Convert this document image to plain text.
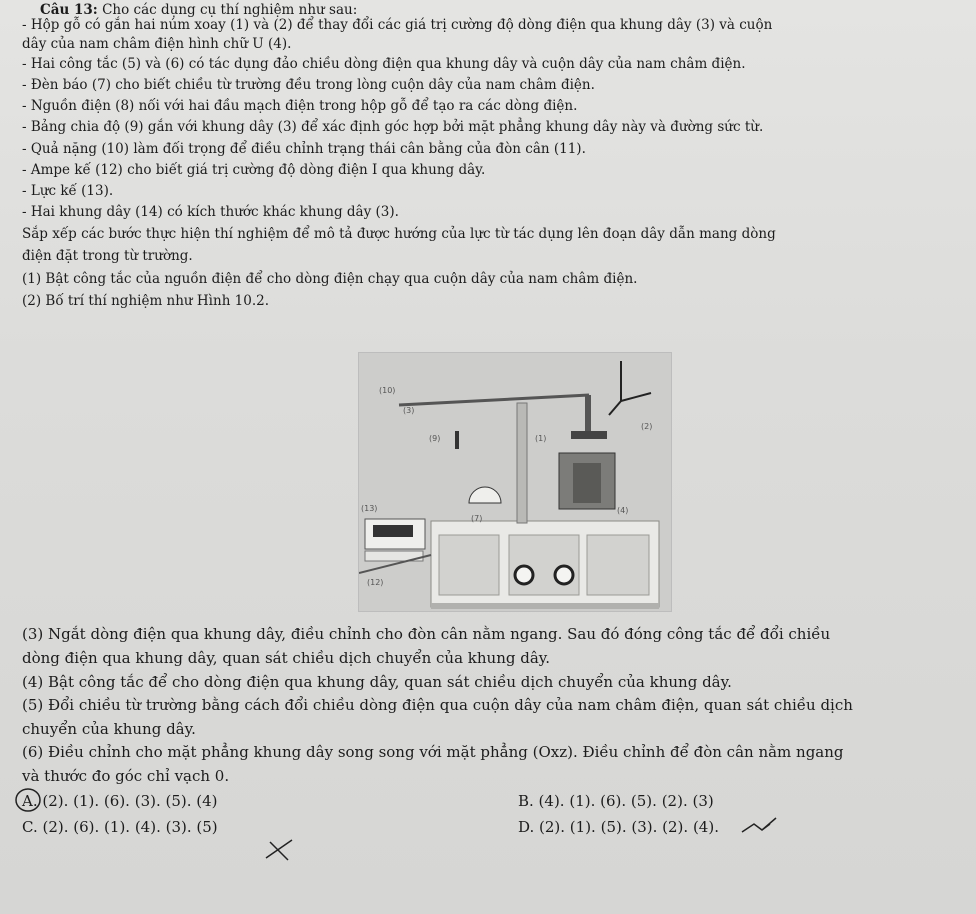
Câu 13: Cho các dụng cụ thí nghiệm như sau:
- Hộp gỗ có gắn hai núm xoay (1) và (2) để thay đổi các giá trị cường độ dòng điện qua khung dây (3) và cuộn
dây của nam châm điện hình chữ U (4).
- Hai công tắc (5) và (6) có tác dụng đảo chiều dòng điện qua khung dây và cuộn dây của nam châm điện.
- Đèn báo (7) cho biết chiều từ trường đều trong lòng cuộn dây của nam châm điện.
- Nguồn điện (8) nối với hai đầu mạch điện trong hộp gỗ để tạo ra các dòng điện.
- Bảng chia độ (9) gắn với khung dây (3) để xác định góc hợp bởi mặt phẳng khung dây này và đường sức từ.
- Quả nặng (10) làm đối trọng để điều chỉnh trạng thái cân bằng của đòn cân (11).
- Ampe kế (12) cho biết giá trị cường độ dòng điện I qua khung dây.
- Lực kế (13).
- Hai khung dây (14) có kích thước khác khung dây (3).
Sắp xếp các bước thực hiện thí nghiệm để mô tả được hướng của lực từ tác dụng lên đoạn dây dẫn mang dòng
điện đặt trong từ trường.
(1) Bật công tắc của nguồn điện để cho dòng điện chạy qua cuộn dây của nam châm điện.
(2) Bố trí thí nghiệm như Hình 10.2.
(10)
(9)
(7)
(13)
(1)
(2)
(3)
(4)
(12)
(3) Ngắt dòng điện qua khung dây, điều chỉnh cho đòn cân nằm ngang. Sau đó đóng công tắc để đổi chiều
dòng điện qua khung dây, quan sát chiều dịch chuyển của khung dây.
(4) Bật công tắc để cho dòng điện qua khung dây, quan sát chiều dịch chuyển của khung dây.
(5) Đổi chiều từ trường bằng cách đổi chiều dòng điện qua cuộn dây của nam châm điện, quan sát chiều dịch
chuyển của khung dây.
(6) Điều chỉnh cho mặt phẳng khung dây song song với mặt phẳng (Oxz). Điều chỉnh để đòn cân nằm ngang
và thước đo góc chỉ vạch 0.
A. (2). (1). (6). (3). (5). (4)	B. (4). (1). (6). (5). (2). (3)
C. (2). (6). (1). (4). (3). (5)	D. (2). (1). (5). (3). (2). (4).
